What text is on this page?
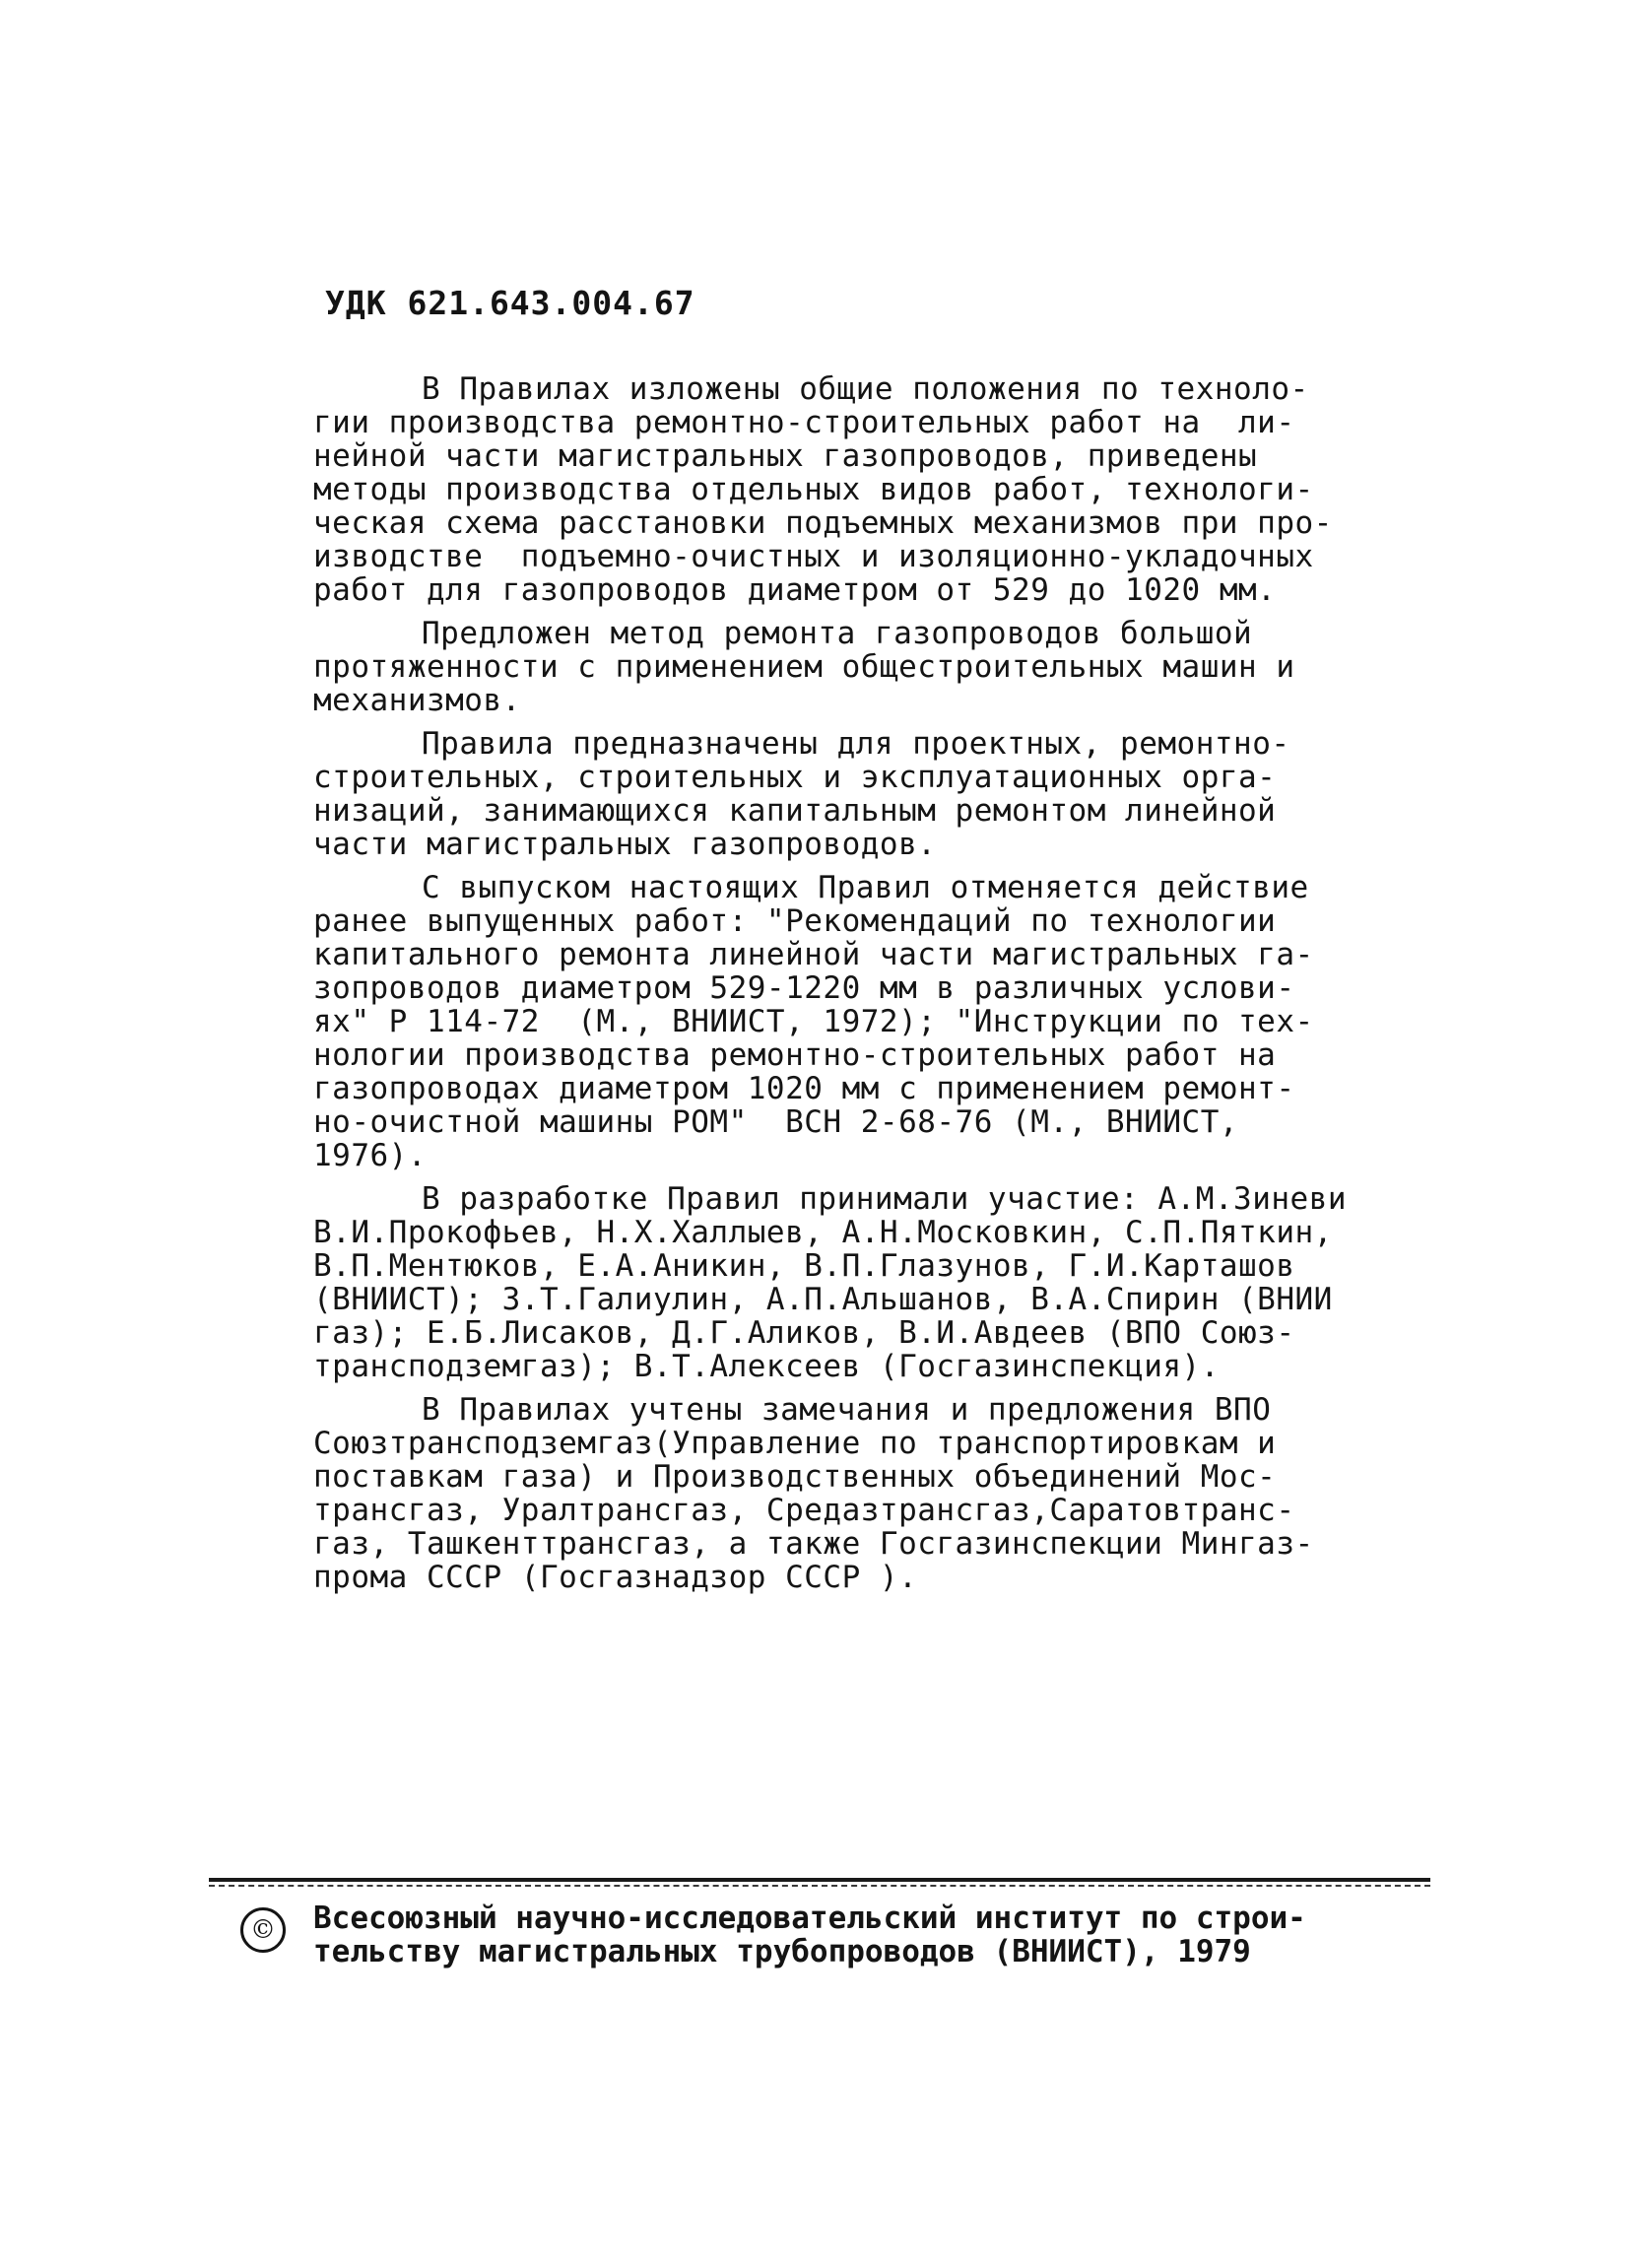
УДК 621.643.004.67
В Правилах изложены общие положения по техноло-
гии производства ремонтно-строительных работ на  ли-
нейной части магистральных газопроводов, приведены
методы производства отдельных видов работ, технологи-
ческая схема расстановки подъемных механизмов при про-
изводстве  подъемно-очистных и изоляционно-укладочных
работ для газопроводов диаметром от 529 до 1020 мм.
Предложен метод ремонта газопроводов большой
протяженности с применением общестроительных машин и
механизмов.
Правила предназначены для проектных, ремонтно-
строительных, строительных и эксплуатационных орга-
низаций, занимающихся капитальным ремонтом линейной
части магистральных газопроводов.
С выпуском настоящих Правил отменяется действие
ранее выпущенных работ: "Рекомендаций по технологии
капитального ремонта линейной части магистральных га-
зопроводов диаметром 529-1220 мм в различных услови-
ях" Р 114-72  (М., ВНИИСТ, 1972); "Инструкции по тех-
нологии производства ремонтно-строительных работ на
газопроводах диаметром 1020 мм с применением ремонт-
но-очистной машины РОМ"  ВСН 2-68-76 (М., ВНИИСТ,
1976).
В разработке Правил принимали участие: А.М.Зиневи
В.И.Прокофьев, Н.Х.Халлыев, А.Н.Московкин, С.П.Пяткин,
В.П.Ментюков, Е.А.Аникин, В.П.Глазунов, Г.И.Карташов
(ВНИИСТ); З.Т.Галиулин, А.П.Альшанов, В.А.Спирин (ВНИИ
газ); Е.Б.Лисаков, Д.Г.Аликов, В.И.Авдеев (ВПО Союз-
трансподземгаз); В.Т.Алексеев (Госгазинспекция).
В Правилах учтены замечания и предложения ВПО
Союзтрансподземгаз(Управление по транспортировкам и
поставкам газа) и Производственных объединений Мос-
трансгаз, Уралтрансгаз, Средазтрансгаз,Саратовтранс-
газ, Ташкенттрансгаз, а также Госгазинспекции Мингаз-
прома СССР (Госгазнадзор СССР ).
©	Всесоюзный научно-исследовательский институт по строи-
тельству магистральных трубопроводов (ВНИИСТ), 1979
